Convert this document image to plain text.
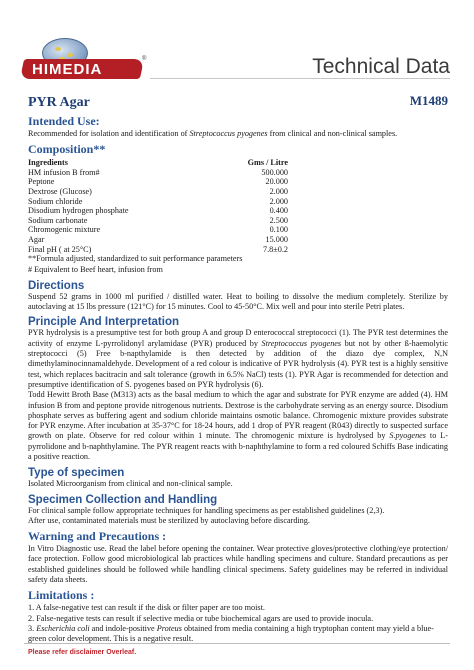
HIMEDIA
®	Technical Data
PYR Agar	M1489
Intended Use:

Recommended for isolation and identification of Streptococcus pyogenes from clinical and non-clinical samples.

Composition**
Ingredients	Gms / Litre
HM infusion B from#	500.000
Peptone	20.000
Dextrose (Glucose)	2.000
Sodium chloride	2.000
Disodium hydrogen phosphate	0.400
Sodium carbonate	2.500
Chromogenic mixture	0.100
Agar	15.000
Final pH ( at 25°C)	7.8±0.2

**Formula adjusted, standardized to suit performance parameters

# Equivalent to Beef heart, infusion from

Directions

Suspend 52 grams in 1000 ml purified / distilled water. Heat to boiling to dissolve the medium completely. Sterilize by autoclaving at 15 lbs pressure (121°C) for 15 minutes. Cool to 45-50°C. Mix well and pour into sterile Petri plates.

Principle And Interpretation

PYR hydrolysis is a presumptive test for both group A and group D enterococcal streptococci (1). The PYR test determines the activity of enzyme L-pyrrolidonyl arylamidase (PYR) produced by Streptococcus pyogenes but not by other ß-haemolytic streptococci (5) Free b-napthylamide is then detected by addition of the diazo dye complex, N,N dimethylaminocinnamaldehyde. Development of a red colour is indicative of PYR hydrolysis (4). PYR test is a highly sensitive test, which replaces bacitracin and salt tolerance (growth in 6.5% NaCl) tests (1). PYR Agar is recommended for detection and presumptive identification of S. pyogenes based on PYR hydrolysis (6).

Todd Hewitt Broth Base (M313) acts as the basal medium to which the agar and substrate for PYR enzyme are added (4). HM infusion B from and peptone provide nitrogenous nutrients. Dextrose is the carbohydrate serving as an energy source. Disodium phosphate serves as buffering agent and sodium chloride maintains osmotic balance. Chromogenic mixture provides substrate for PYR enzyme. After incubation at 35-37°C for 18-24 hours, add 1 drop of PYR reagent (R043) directly to suspected surface growth on plate. Observe for red colour within 1 minute. The chromogenic mixture is hydrolysed by S.pyogenes to L-pyrrolidone and b-naphthylamine. The PYR reagent reacts with b-naphthylamine to form a red coloured Schiffs Base indicating a positive reaction.

Type of specimen

Isolated Microorganism from clinical and non-clinical sample.

Specimen Collection and Handling

For clinical sample follow appropriate techniques for handling specimens as per established guidelines (2,3).

After use, contaminated materials must be sterilized by autoclaving before discarding.

Warning and Precautions :

In Vitro Diagnostic use. Read the label before opening the container. Wear protective gloves/protective clothing/eye protection/ face protection. Follow good microbiological lab practices while handling specimens and culture. Standard precautions as per established guidelines should be followed while handling clinical specimens. Safety guidelines may be referred in individual safety data sheets.

Limitations :
1. A false-negative test can result if the disk or filter paper are too moist.
2. False-negative tests can result if selective media or tube biochemical agars are used to provide inocula.
3. Escherichia coli and indole-positive Proteus obtained from media containing a high tryptophan content may yield a blue-green color development. This is a negative result.
Please refer disclaimer Overleaf.
